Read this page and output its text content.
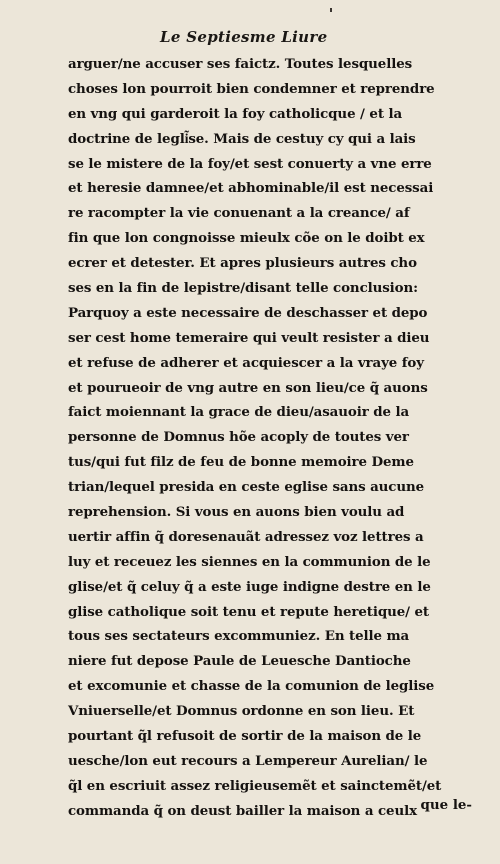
Le Septiesme Liure
arguer/ne accuser ses faictz. Toutes lesquelles
choses lon pourroit bien condemner et reprendre
en vng qui garderoit la foy catholicque / et la
doctrine de legli͂se. Mais de cestuy cy qui a lais
se le mistere de la foy/et sest conuerty a vne erre
et heresie damnee/et abhominable/il est necessai
re racompter la vie conuenant a la creance/ af
fin que lon congnoisse mieulx cõe on le doibt ex
ecrer et detester. Et apres plusieurs autres cho
ses en la fin de lepistre/disant telle conclusion:
Parquoy a este necessaire de deschasser et depo
ser cest home temeraire qui veult resister a dieu
et refuse de adherer et acquiescer a la vraye foy
et pourueoir de vng autre en son lieu/ce q̃ auons
faict moiennant la grace de dieu/asauoir de la
personne de Domnus hõe acoply de toutes ver
tus/qui fut filz de feu de bonne memoire Deme
trian/lequel presida en ceste eglise sans aucune
reprehension. Si vous en auons bien voulu ad
uertir affin q̃ doresenauãt adressez voz lettres a
luy et receuez les siennes en la communion de le
glise/et q̃ celuy q̃ a este iuge indigne destre en le
glise catholique soit tenu et repute heretique/ et
tous ses sectateurs excommuniez. En telle ma
niere fut depose Paule de Leuesche Dantioche
et excomunie et chasse de la comunion de leglise
Vniuerselle/et Domnus ordonne en son lieu. Et
pourtant q̃l refusoit de sortir de la maison de le
uesche/lon eut recours a Lempereur Aurelian/ le
q̃l en escriuit assez religieusemẽt et sainctemẽt/et
commanda q̃ on deust bailler la maison a ceulx que le-
